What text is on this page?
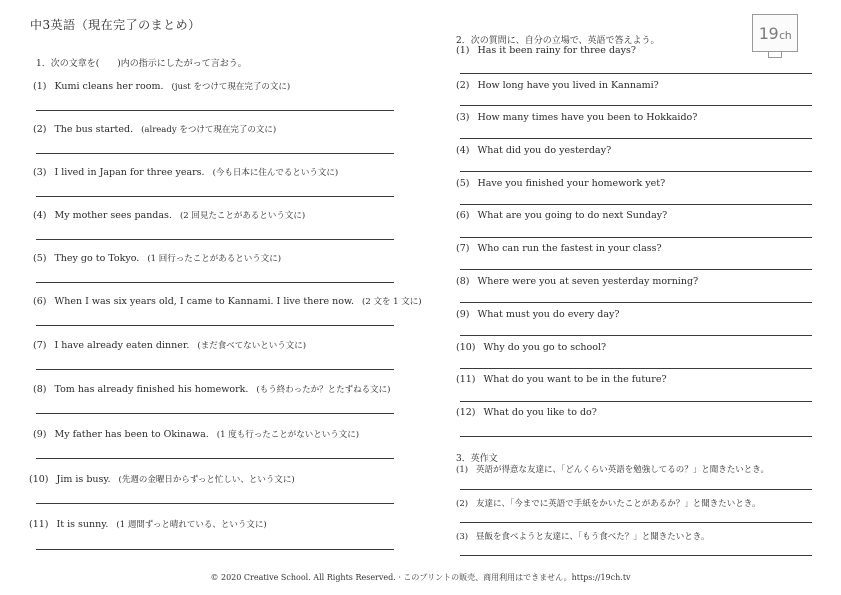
中3英語（現在完了のまとめ）	19 ch
1．次の文章を(　　)内の指示にしたがって言おう。
(1) Kumi cleans her room. (just をつけて現在完了の文に)
(2) The bus started. (already をつけて現在完了の文に)
(3) I lived in Japan for three years. (今も日本に住んでるという文に)
(4) My mother sees pandas. (2 回見たことがあるという文に)
(5) They go to Tokyo. (1 回行ったことがあるという文に)
(6) When I was six years old, I came to Kannami. I live there now. (2 文を 1 文に)
(7) I have already eaten dinner. (まだ食べてないという文に)
(8) Tom has already finished his homework. (もう終わったか？とたずねる文に)
(9) My father has been to Okinawa. (1 度も行ったことがないという文に)
(10) Jim is busy. (先週の金曜日からずっと忙しい、という文に)
(11) It is sunny. (1 週間ずっと晴れている、という文に)
2．次の質問に、自分の立場で、英語で答えよう。
(1) Has it been rainy for three days?
(2) How long have you lived in Kannami?
(3) How many times have you been to Hokkaido?
(4) What did you do yesterday?
(5) Have you finished your homework yet?
(6) What are you going to do next Sunday?
(7) Who can run the fastest in your class?
(8) Where were you at seven yesterday morning?
(9) What must you do every day?
(10) Why do you go to school?
(11) What do you want to be in the future?
(12) What do you like to do?
3．英作文
(1) 英語が得意な友達に、「どんくらい英語を勉強してるの？」と聞きたいとき。
(2) 友達に、「今までに英語で手紙をかいたことがあるか？」と聞きたいとき。
(3) 昼飯を食べようと友達に、「もう食べた？」と聞きたいとき。
© 2020 Creative School. All Rights Reserved. · このプリントの販売、商用利用はできません。https://19ch.tv
